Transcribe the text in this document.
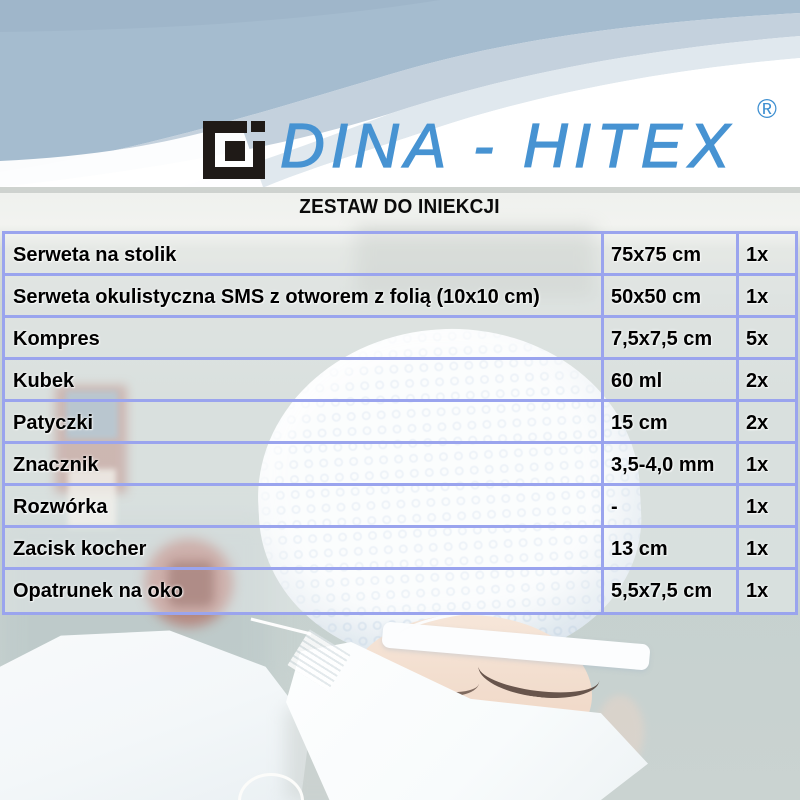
DINA - HITEX
®
ZESTAW DO INIEKCJI
Serweta na stolik	75x75 cm	1x
Serweta okulistyczna SMS z otworem z folią (10x10 cm)	50x50 cm	1x
Kompres	7,5x7,5 cm	5x
Kubek	60 ml	2x
Patyczki	15 cm	2x
Znacznik	3,5-4,0 mm	1x
Rozwórka	-	1x
Zacisk kocher	13 cm	1x
Opatrunek na oko	5,5x7,5 cm	1x
